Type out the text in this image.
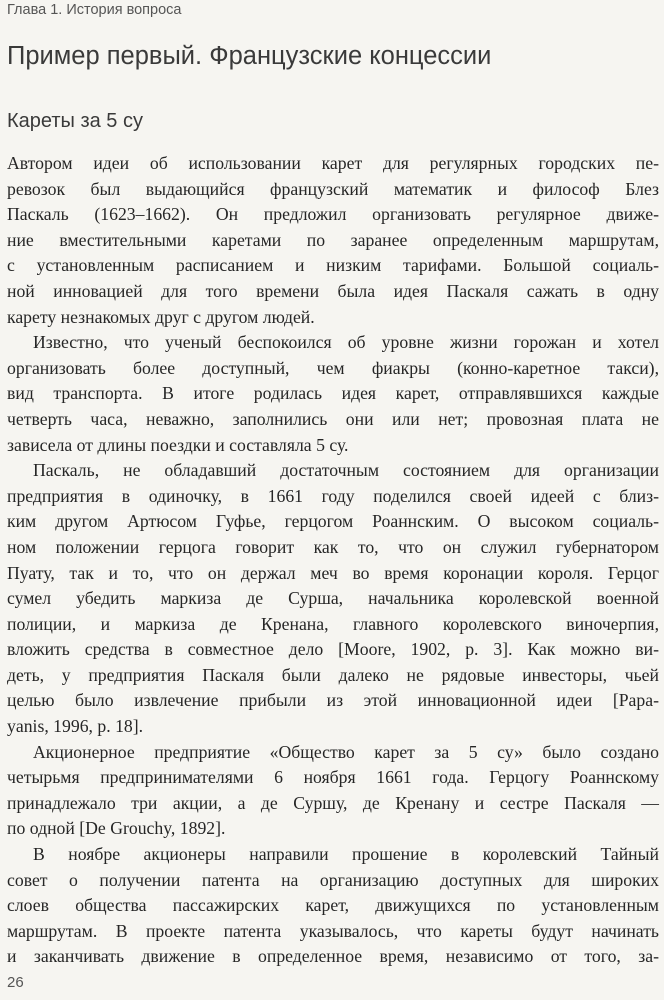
Глава 1. История вопроса
Пример первый. Французские концессии
Кареты за 5 су
Автором идеи об использовании карет для регулярных городских пе-
ревозок был выдающийся французский математик и философ Блез
Паскаль (1623–1662). Он предложил организовать регулярное движе-
ние вместительными каретами по заранее определенным маршрутам,
с установленным расписанием и низким тарифами. Большой социаль-
ной инновацией для того времени была идея Паскаля сажать в одну
карету незнакомых друг с другом людей.
Известно, что ученый беспокоился об уровне жизни горожан и хотел
организовать более доступный, чем фиакры (конно-каретное такси),
вид транспорта. В итоге родилась идея карет, отправлявшихся каждые
четверть часа, неважно, заполнились они или нет; провозная плата не
зависела от длины поездки и составляла 5 су.
Паскаль, не обладавший достаточным состоянием для организации
предприятия в одиночку, в 1661 году поделился своей идеей с близ-
ким другом Артюсом Гуфье, герцогом Роаннским. О высоком социаль-
ном положении герцога говорит как то, что он служил губернатором
Пуату, так и то, что он держал меч во время коронации короля. Герцог
сумел убедить маркиза де Сурша, начальника королевской военной
полиции, и маркиза де Кренана, главного королевского виночерпия,
вложить средства в совместное дело [Moore, 1902, p. 3]. Как можно ви-
деть, у предприятия Паскаля были далеко не рядовые инвесторы, чьей
целью было извлечение прибыли из этой инновационной идеи [Papa-
yanis, 1996, p. 18].
Акционерное предприятие «Общество карет за 5 су» было создано
четырьмя предпринимателями 6 ноября 1661 года. Герцогу Роаннскому
принадлежало три акции, а де Суршу, де Кренану и сестре Паскаля —
по одной [De Grouchy, 1892].
В ноябре акционеры направили прошение в королевский Тайный
совет о получении патента на организацию доступных для широких
слоев общества пассажирских карет, движущихся по установленным
маршрутам. В проекте патента указывалось, что кареты будут начинать
и заканчивать движение в определенное время, независимо от того, за-
26
